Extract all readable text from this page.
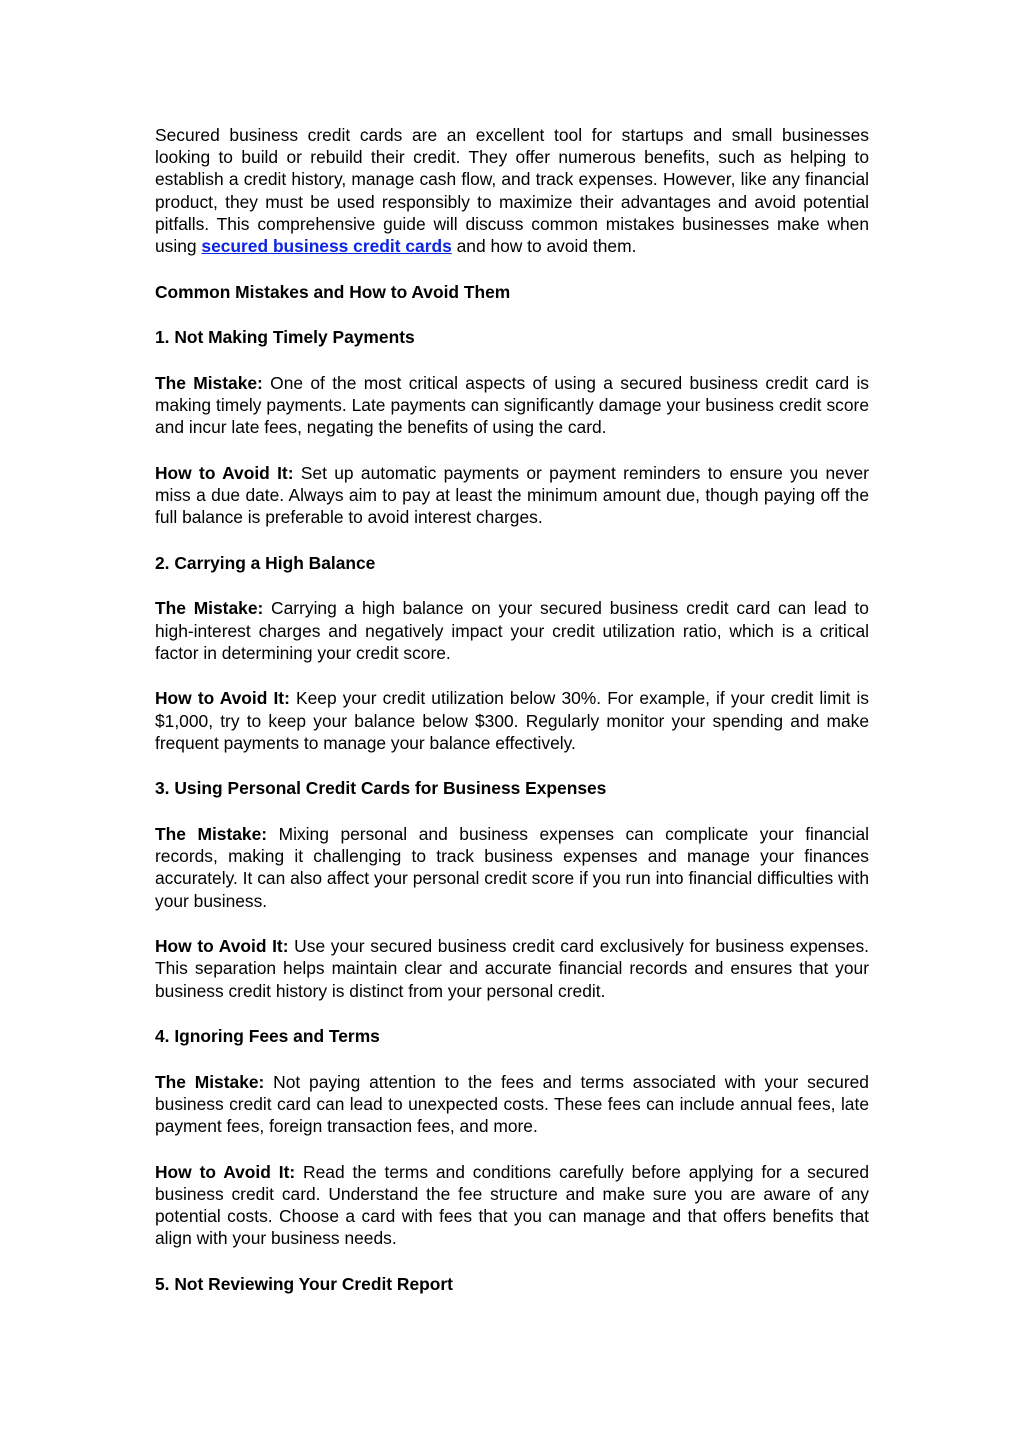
Secured business credit cards are an excellent tool for startups and small businesses looking to build or rebuild their credit. They offer numerous benefits, such as helping to establish a credit history, manage cash flow, and track expenses. However, like any financial product, they must be used responsibly to maximize their advantages and avoid potential pitfalls. This comprehensive guide will discuss common mistakes businesses make when using secured business credit cards and how to avoid them.

Common Mistakes and How to Avoid Them
1. Not Making Timely Payments

The Mistake: One of the most critical aspects of using a secured business credit card is making timely payments. Late payments can significantly damage your business credit score and incur late fees, negating the benefits of using the card.

How to Avoid It: Set up automatic payments or payment reminders to ensure you never miss a due date. Always aim to pay at least the minimum amount due, though paying off the full balance is preferable to avoid interest charges.

2. Carrying a High Balance

The Mistake: Carrying a high balance on your secured business credit card can lead to high-interest charges and negatively impact your credit utilization ratio, which is a critical factor in determining your credit score.

How to Avoid It: Keep your credit utilization below 30%. For example, if your credit limit is $1,000, try to keep your balance below $300. Regularly monitor your spending and make frequent payments to manage your balance effectively.

3. Using Personal Credit Cards for Business Expenses

The Mistake: Mixing personal and business expenses can complicate your financial records, making it challenging to track business expenses and manage your finances accurately. It can also affect your personal credit score if you run into financial difficulties with your business.

How to Avoid It: Use your secured business credit card exclusively for business expenses. This separation helps maintain clear and accurate financial records and ensures that your business credit history is distinct from your personal credit.

4. Ignoring Fees and Terms

The Mistake: Not paying attention to the fees and terms associated with your secured business credit card can lead to unexpected costs. These fees can include annual fees, late payment fees, foreign transaction fees, and more.

How to Avoid It: Read the terms and conditions carefully before applying for a secured business credit card. Understand the fee structure and make sure you are aware of any potential costs. Choose a card with fees that you can manage and that offers benefits that align with your business needs.

5. Not Reviewing Your Credit Report
